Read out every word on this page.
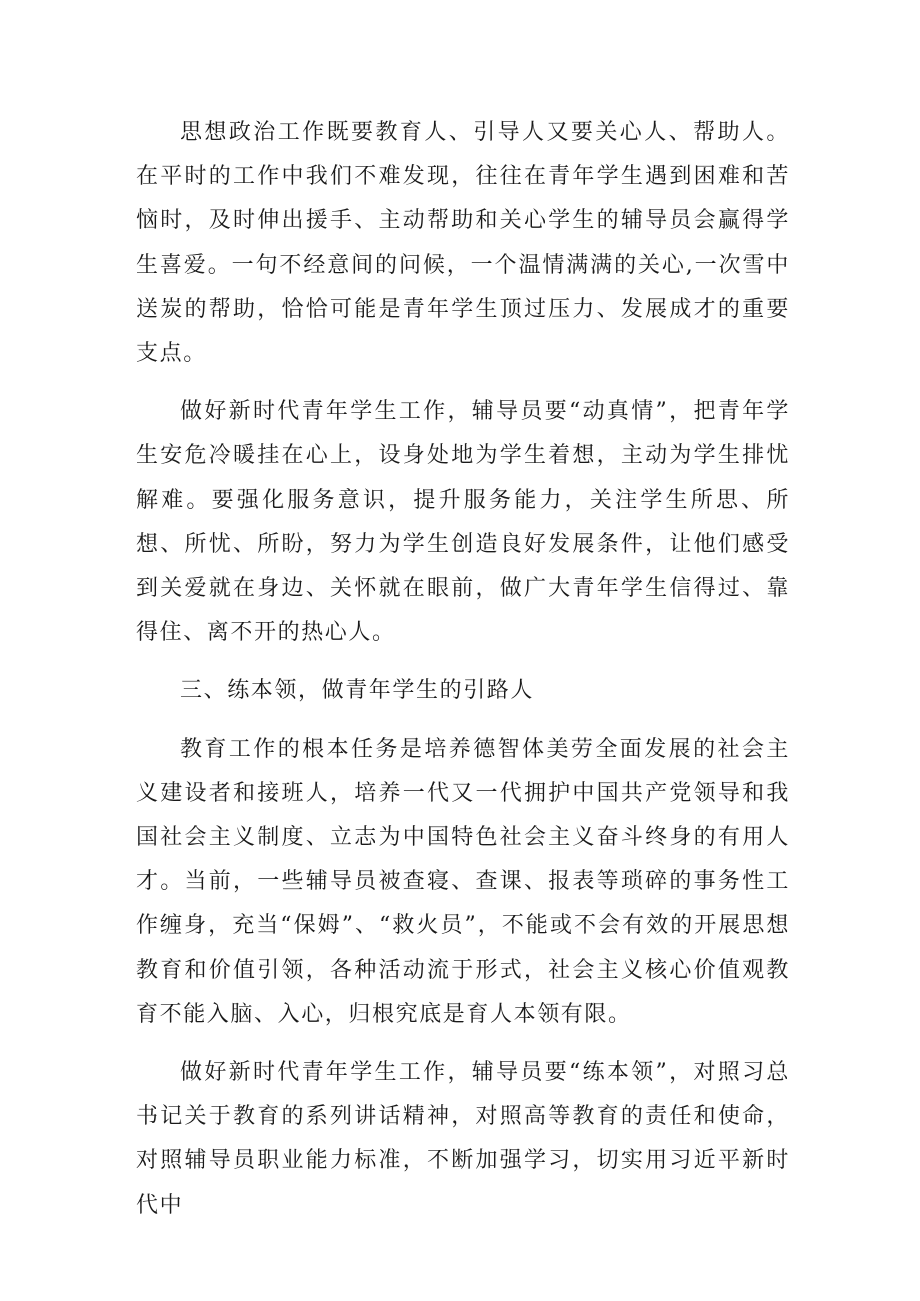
思想政治工作既要教育人、引导人又要关心人、帮助人。在平时的工作中我们不难发现，往往在青年学生遇到困难和苦恼时，及时伸出援手、主动帮助和关心学生的辅导员会赢得学生喜爱。一句不经意间的问候，一个温情满满的关心,一次雪中送炭的帮助，恰恰可能是青年学生顶过压力、发展成才的重要支点。

做好新时代青年学生工作，辅导员要“动真情”，把青年学生安危冷暖挂在心上，设身处地为学生着想，主动为学生排忧解难。要强化服务意识，提升服务能力，关注学生所思、所想、所忧、所盼，努力为学生创造良好发展条件，让他们感受到关爱就在身边、关怀就在眼前，做广大青年学生信得过、靠得住、离不开的热心人。

三、练本领，做青年学生的引路人

教育工作的根本任务是培养德智体美劳全面发展的社会主义建设者和接班人，培养一代又一代拥护中国共产党领导和我国社会主义制度、立志为中国特色社会主义奋斗终身的有用人才。当前，一些辅导员被查寝、查课、报表等琐碎的事务性工作缠身，充当“保姆”、“救火员”，不能或不会有效的开展思想教育和价值引领，各种活动流于形式，社会主义核心价值观教育不能入脑、入心，归根究底是育人本领有限。

做好新时代青年学生工作，辅导员要“练本领”，对照习总书记关于教育的系列讲话精神，对照高等教育的责任和使命，对照辅导员职业能力标准，不断加强学习，切实用习近平新时代中
